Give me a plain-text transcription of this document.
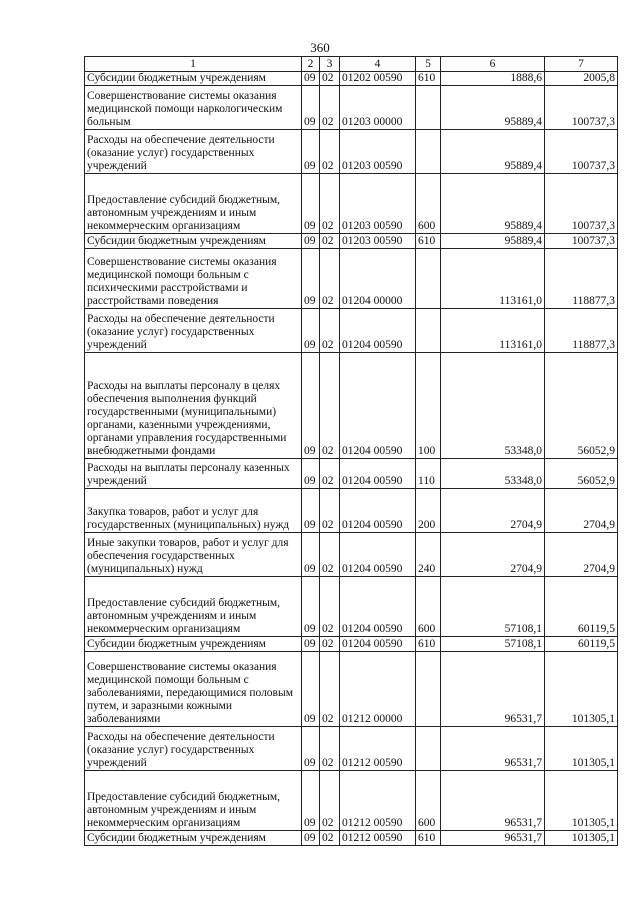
360
1	2	3	4	5	6	7
Субсидии бюджетным учреждениям	09	02	01202 00590	610	1888,6	2005,8
Совершенствование системы оказания медицинской помощи наркологическим больным	09	02	01203 00000		95889,4	100737,3
Расходы на обеспечение деятельности (оказание услуг) государственных учреждений	09	02	01203 00590		95889,4	100737,3
Предоставление субсидий бюджетным, автономным учреждениям и иным некоммерческим организациям	09	02	01203 00590	600	95889,4	100737,3
Субсидии бюджетным учреждениям	09	02	01203 00590	610	95889,4	100737,3
Совершенствование системы оказания медицинской помощи больным с психическими расстройствами и расстройствами поведения	09	02	01204 00000		113161,0	118877,3
Расходы на обеспечение деятельности (оказание услуг) государственных учреждений	09	02	01204 00590		113161,0	118877,3
Расходы на выплаты персоналу в целях обеспечения выполнения функций государственными (муниципальными) органами, казенными учреждениями, органами управления государственными внебюджетными фондами	09	02	01204 00590	100	53348,0	56052,9
Расходы на выплаты персоналу казенных учреждений	09	02	01204 00590	110	53348,0	56052,9
Закупка товаров, работ и услуг для государственных (муниципальных) нужд	09	02	01204 00590	200	2704,9	2704,9
Иные закупки товаров, работ и услуг для обеспечения государственных (муниципальных) нужд	09	02	01204 00590	240	2704,9	2704,9
Предоставление субсидий бюджетным, автономным учреждениям и иным некоммерческим организациям	09	02	01204 00590	600	57108,1	60119,5
Субсидии бюджетным учреждениям	09	02	01204 00590	610	57108,1	60119,5
Совершенствование системы оказания медицинской помощи больным с заболеваниями, передающимися половым путем, и заразными кожными заболеваниями	09	02	01212 00000		96531,7	101305,1
Расходы на обеспечение деятельности (оказание услуг) государственных учреждений	09	02	01212 00590		96531,7	101305,1
Предоставление субсидий бюджетным, автономным учреждениям и иным некоммерческим организациям	09	02	01212 00590	600	96531,7	101305,1
Субсидии бюджетным учреждениям	09	02	01212 00590	610	96531,7	101305,1
